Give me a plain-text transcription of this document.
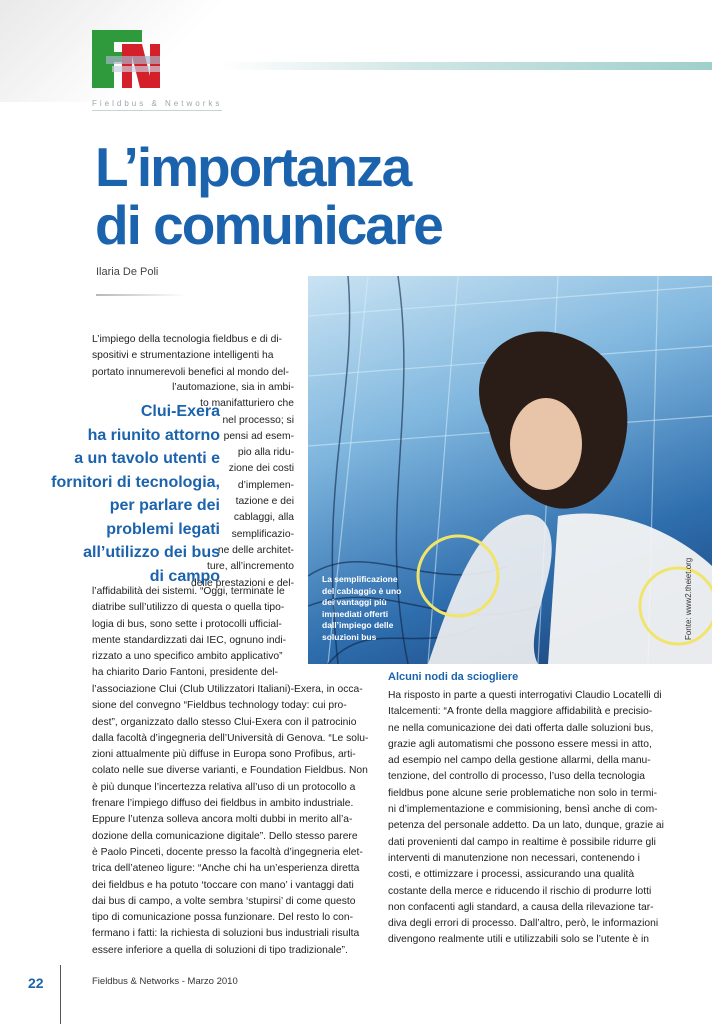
Fieldbus & Networks
L’importanza
di comunicare
Ilaria De Poli
L’impiego della tecnologia fieldbus e di di-
spositivi e strumentazione intelligenti ha
portato innumerevoli benefici al mondo del-
l’automazione, sia in ambi-
to manifatturiero che
nel processo; si
pensi ad esem-
pio alla ridu-
zione dei costi
d’implemen-
tazione e dei
cablaggi, alla
semplificazio-
ne delle architet-
ture, all’incremento
delle prestazioni e del-
Clui-Exera
ha riunito attorno
a un tavolo utenti e
fornitori di tecnologia,
per parlare dei
problemi legati
all’utilizzo dei bus
di campo
l’affidabilità dei sistemi. “Oggi, terminate le
diatribe sull’utilizzo di questa o quella tipo-
logia di bus, sono sette i protocolli ufficial-
mente standardizzati dai IEC, ognuno indi-
rizzato a uno specifico ambito applicativo”
ha chiarito Dario Fantoni, presidente del-
l’associazione Clui (Club Utilizzatori Italiani)-Exera, in occa-
sione del convegno “Fieldbus technology today: cui pro-
dest”, organizzato dallo stesso Clui-Exera con il patrocinio
dalla facoltà d’ingegneria dell’Università di Genova. “Le solu-
zioni attualmente più diffuse in Europa sono Profibus, arti-
colato nelle sue diverse varianti, e Foundation Fieldbus. Non
è più dunque l’incertezza relativa all’uso di un protocollo a
frenare l’impiego diffuso dei fieldbus in ambito industriale.
Eppure l’utenza solleva ancora molti dubbi in merito all’a-
dozione della comunicazione digitale”. Dello stesso parere
è Paolo Pinceti, docente presso la facoltà d’ingegneria elet-
trica dell’ateneo ligure: “Anche chi ha un’esperienza diretta
dei fieldbus e ha potuto ‘toccare con mano’ i vantaggi dati
dai bus di campo, a volte sembra ‘stupirsi’ di come questo
tipo di comunicazione possa funzionare. Del resto lo con-
fermano i fatti: la richiesta di soluzioni bus industriali risulta
essere inferiore a quella di soluzioni di tipo tradizionale”.
La semplificazione
del cablaggio è uno
dei vantaggi più
immediati offerti
dall’impiego delle
soluzioni bus	Fonte: www2.theiet.org
Alcuni nodi da sciogliere
Ha risposto in parte a questi interrogativi Claudio Locatelli di
Italcementi: “A fronte della maggiore affidabilità e precisio-
ne nella comunicazione dei dati offerta dalle soluzioni bus,
grazie agli automatismi che possono essere messi in atto,
ad esempio nel campo della gestione allarmi, della manu-
tenzione, del controllo di processo, l’uso della tecnologia
fieldbus pone alcune serie problematiche non solo in termi-
ni d’implementazione e commisioning, bensì anche di com-
petenza del personale addetto. Da un lato, dunque, grazie ai
dati provenienti dal campo in realtime è possibile ridurre gli
interventi di manutenzione non necessari, contenendo i
costi, e ottimizzare i processi, assicurando una qualità
costante della merce e riducendo il rischio di produrre lotti
non confacenti agli standard, a causa della rilevazione tar-
diva degli errori di processo. Dall’altro, però, le informazioni
divengono realmente utili e utilizzabili solo se l’utente è in
22	Fieldbus & Networks - Marzo 2010
